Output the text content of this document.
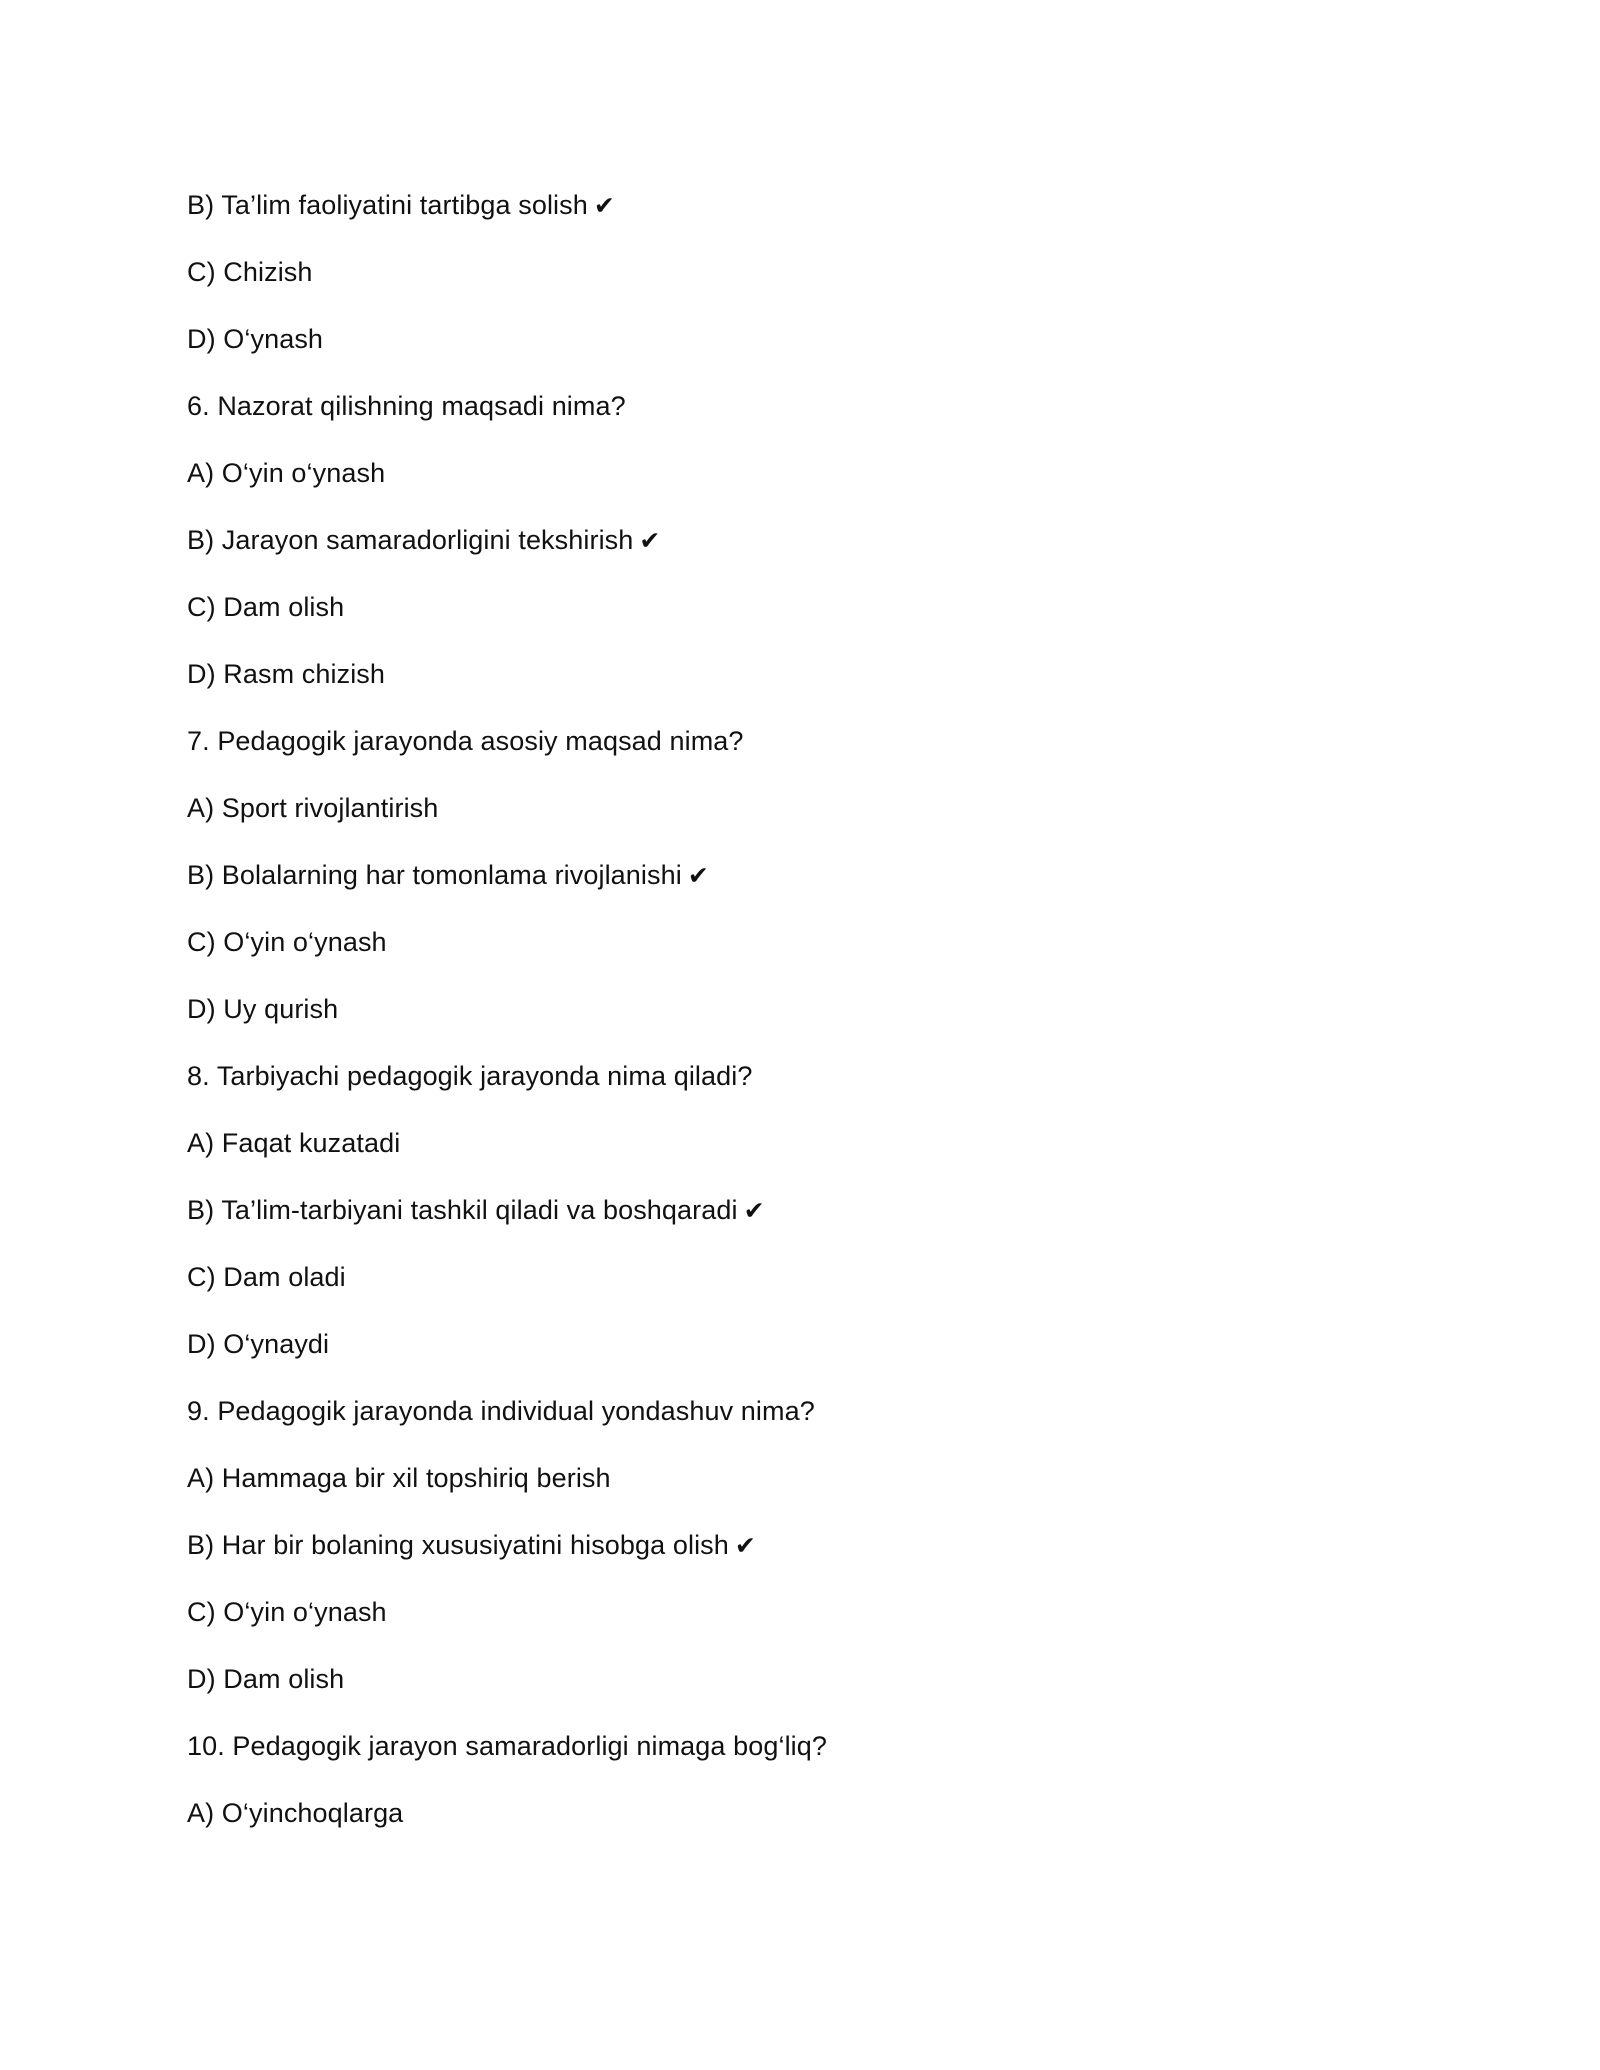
B) Ta’lim faoliyatini tartibga solish ✔
C) Chizish
D) O‘ynash
6. Nazorat qilishning maqsadi nima?
A) O‘yin o‘ynash
B) Jarayon samaradorligini tekshirish ✔
C) Dam olish
D) Rasm chizish
7. Pedagogik jarayonda asosiy maqsad nima?
A) Sport rivojlantirish
B) Bolalarning har tomonlama rivojlanishi ✔
C) O‘yin o‘ynash
D) Uy qurish
8. Tarbiyachi pedagogik jarayonda nima qiladi?
A) Faqat kuzatadi
B) Ta’lim-tarbiyani tashkil qiladi va boshqaradi ✔
C) Dam oladi
D) O‘ynaydi
9. Pedagogik jarayonda individual yondashuv nima?
A) Hammaga bir xil topshiriq berish
B) Har bir bolaning xususiyatini hisobga olish ✔
C) O‘yin o‘ynash
D) Dam olish
10. Pedagogik jarayon samaradorligi nimaga bog‘liq?
A) O‘yinchoqlarga
